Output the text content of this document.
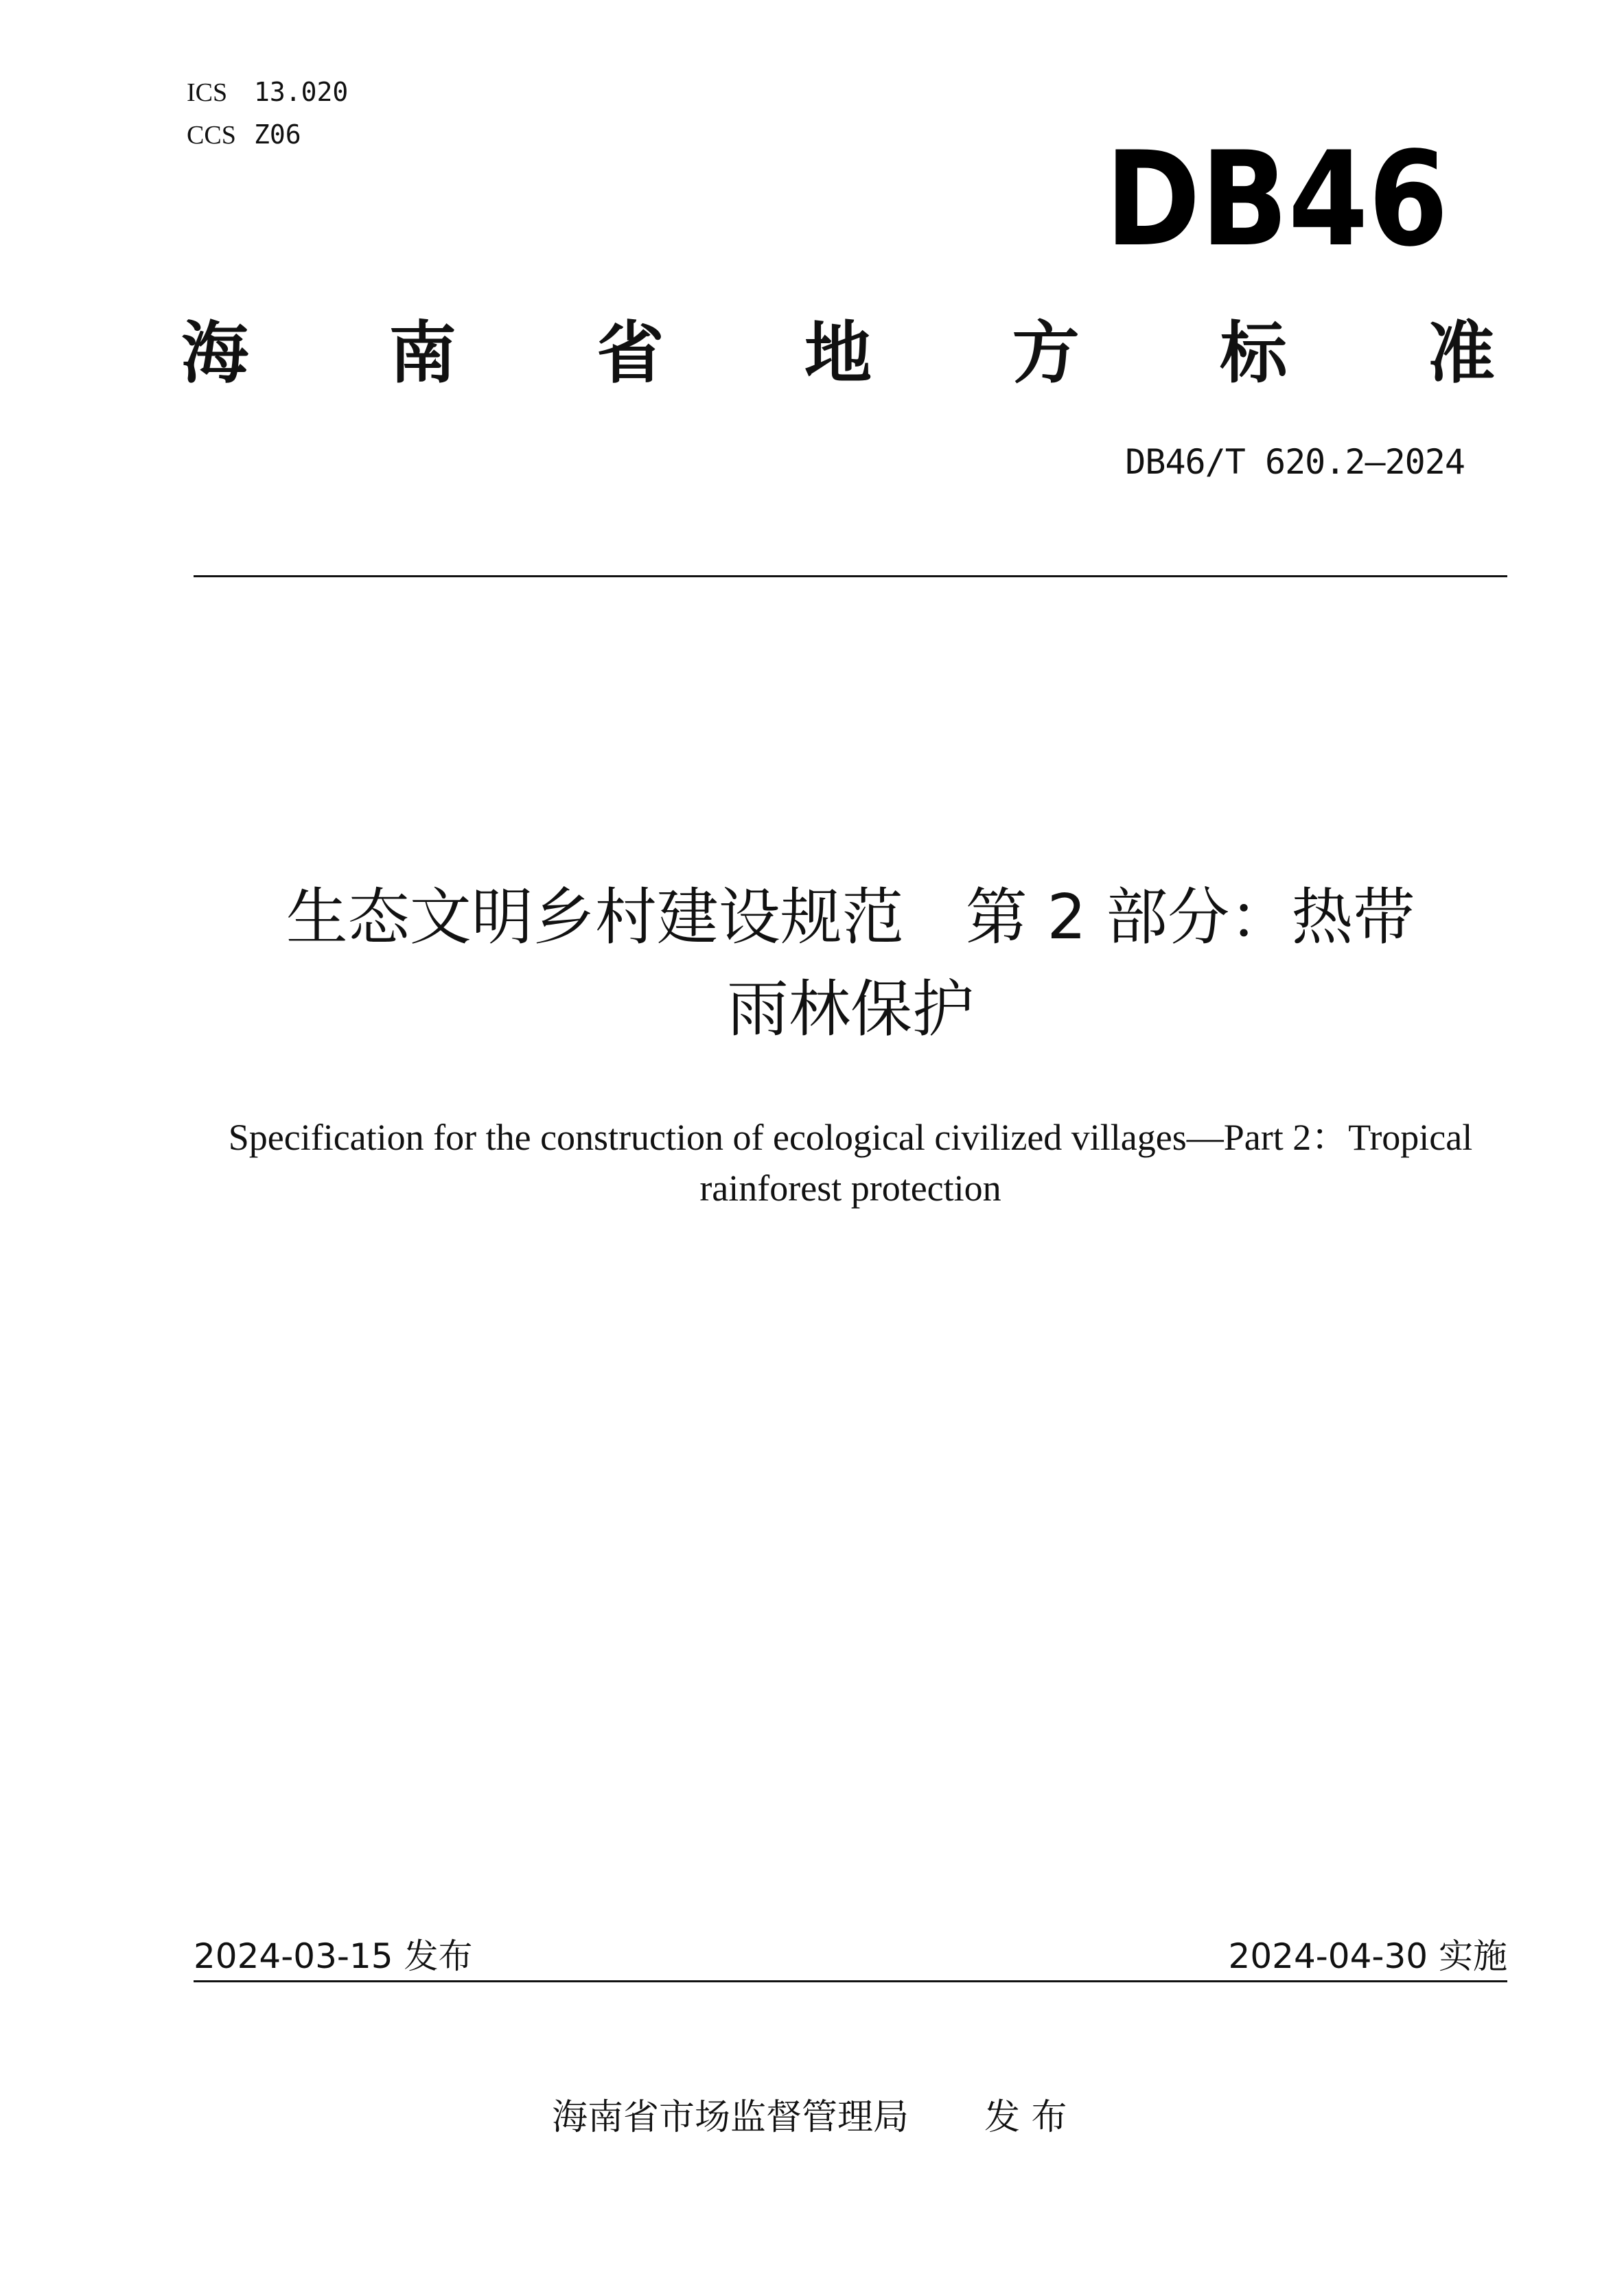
ICS 13.020
CCS Z06	DB46
海 南 省 地 方 标 准
DB46/T 620.2—2024
生态文明乡村建设规范　第 2 部分：热带
雨林保护
Specification for the construction of ecological civilized villages—Part 2：Tropical
rainforest protection
2024-03-15 发布	2024-04-30 实施
海南省市场监督管理局 发 布
